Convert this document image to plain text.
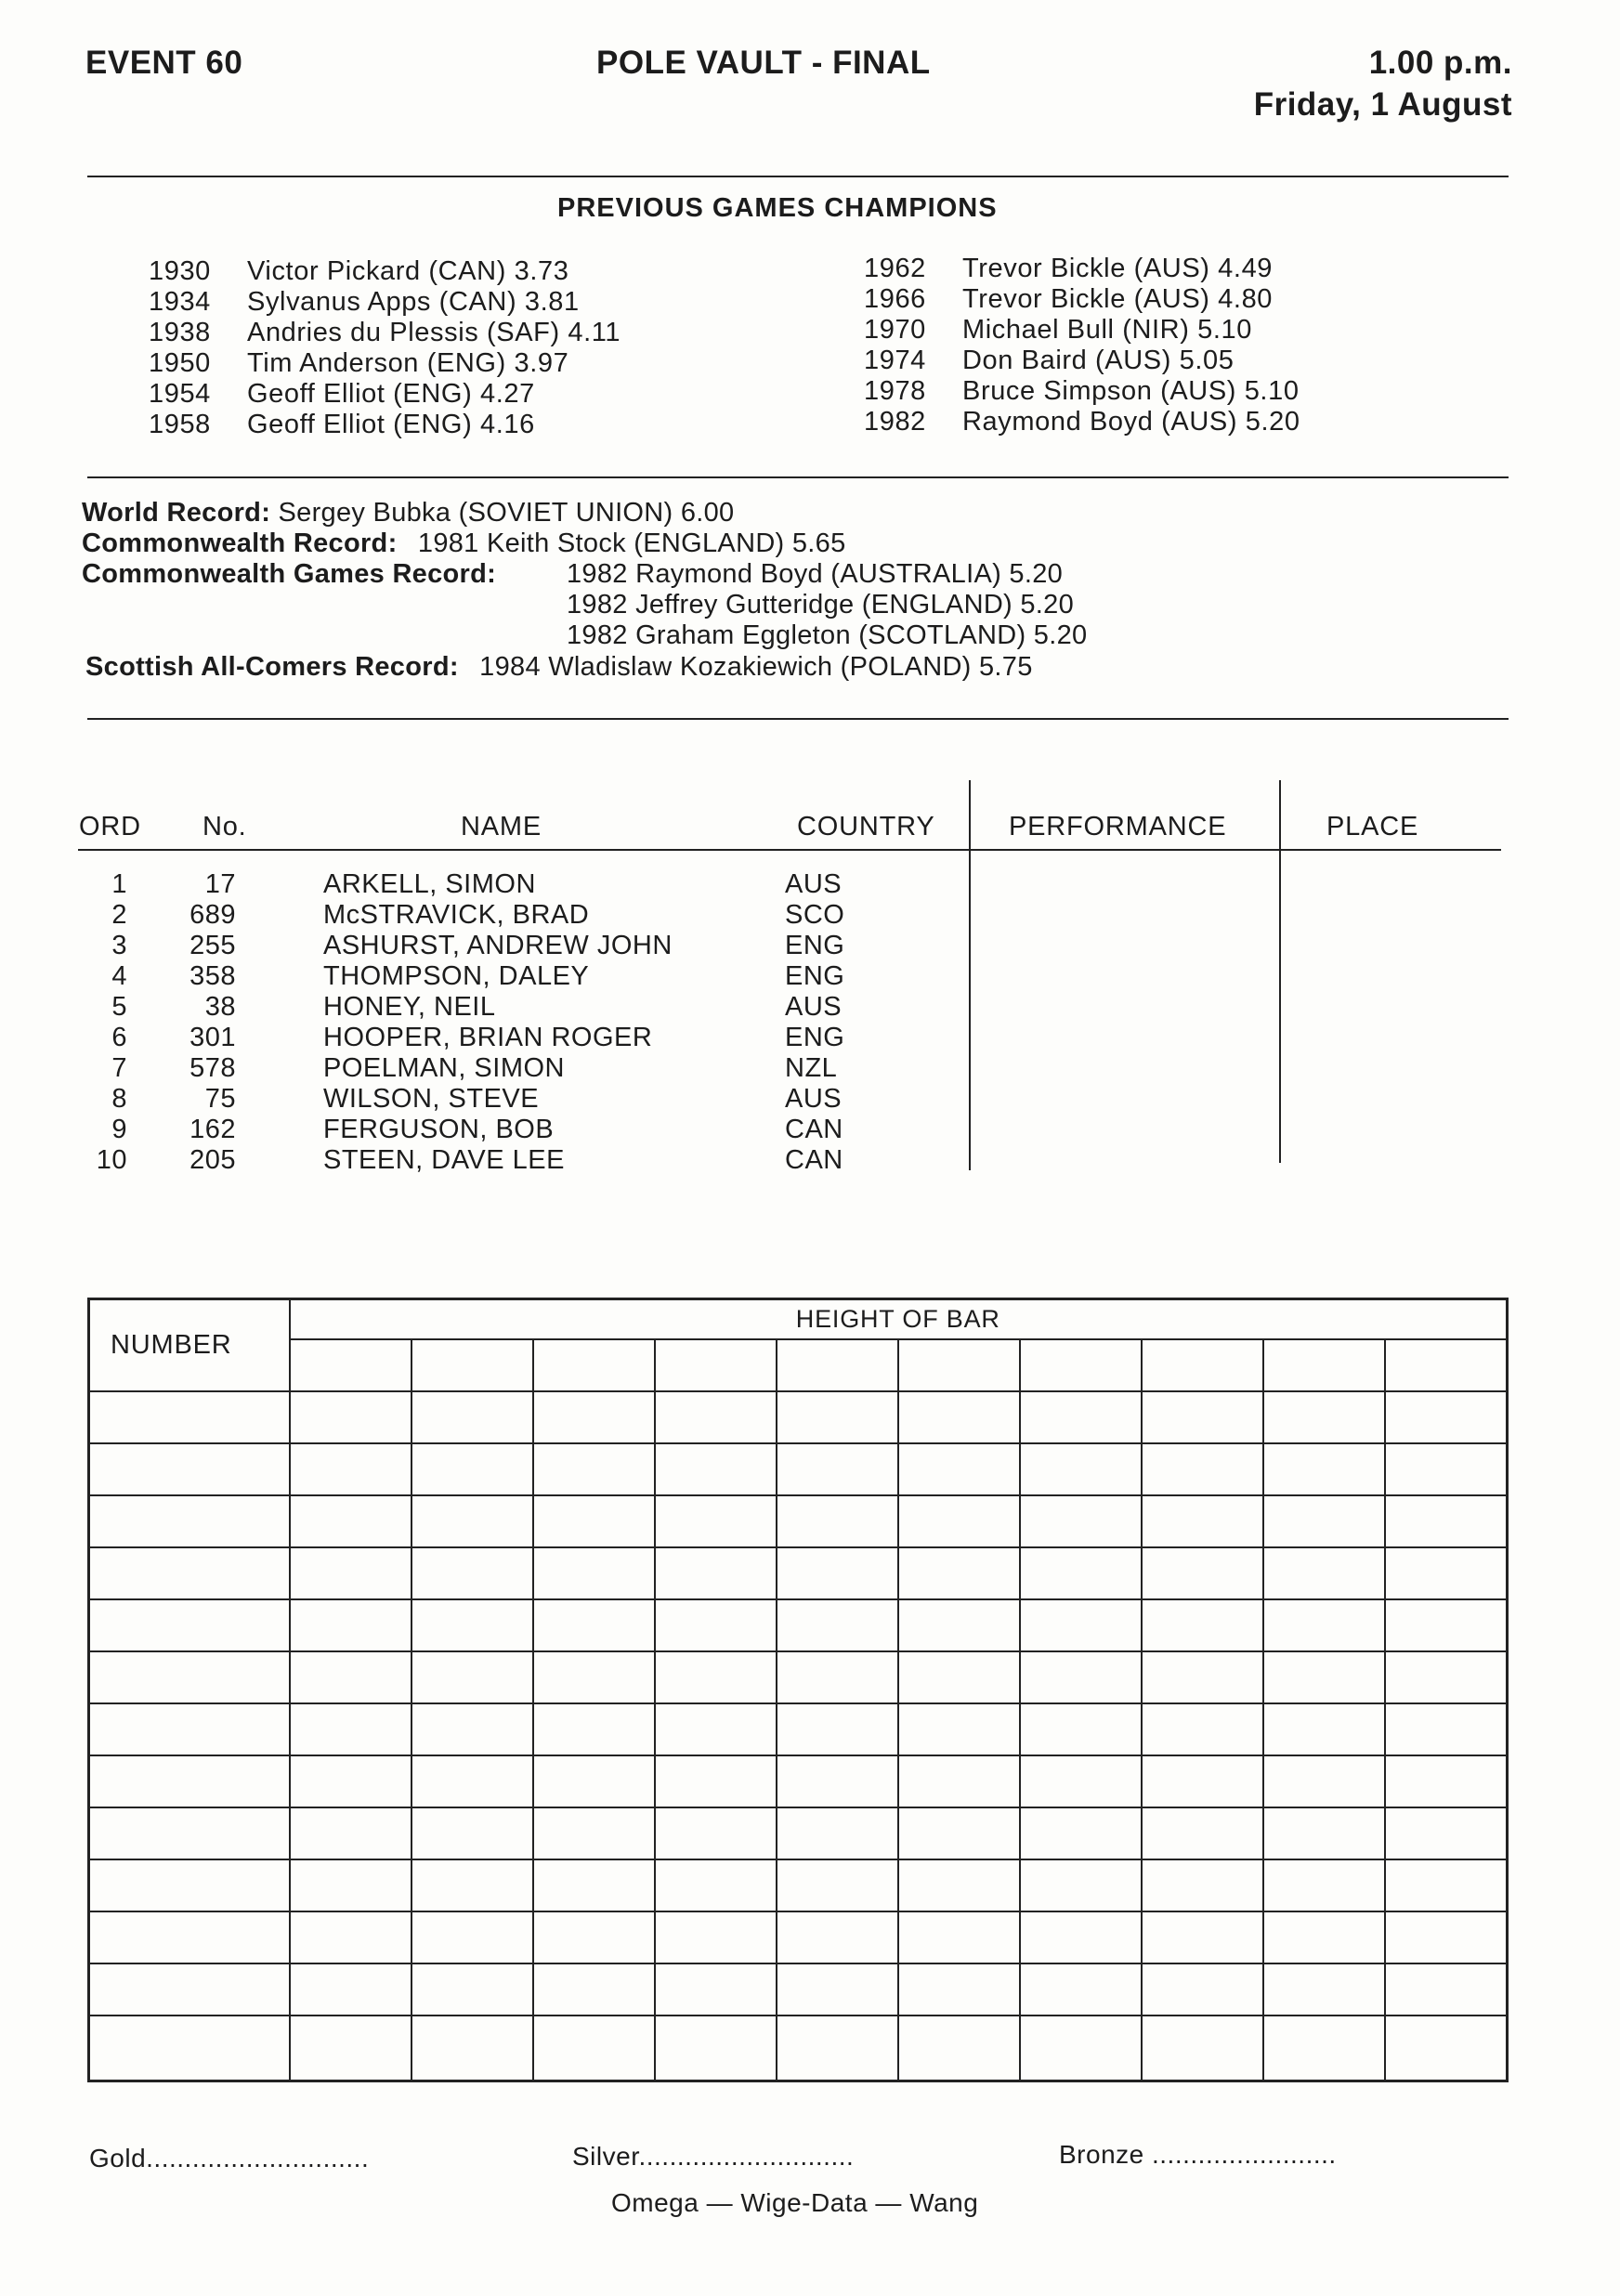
EVENT 60	POLE VAULT - FINAL	1.00 p.m.
Friday, 1 August
PREVIOUS GAMES CHAMPIONS
1930 Victor Pickard (CAN) 3.73
1934 Sylvanus Apps (CAN) 3.81
1938 Andries du Plessis (SAF) 4.11
1950 Tim Anderson (ENG) 3.97
1954 Geoff Elliot (ENG) 4.27
1958 Geoff Elliot (ENG) 4.16
1962 Trevor Bickle (AUS) 4.49
1966 Trevor Bickle (AUS) 4.80
1970 Michael Bull (NIR) 5.10
1974 Don Baird (AUS) 5.05
1978 Bruce Simpson (AUS) 5.10
1982 Raymond Boyd (AUS) 5.20
World Record: Sergey Bubka (SOVIET UNION) 6.00
Commonwealth Record: 1981 Keith Stock (ENGLAND) 5.65
Commonwealth Games Record:	1982 Raymond Boyd (AUSTRALIA) 5.20
1982 Jeffrey Gutteridge (ENGLAND) 5.20
1982 Graham Eggleton (SCOTLAND) 5.20
Scottish All-Comers Record: 1984 Wladislaw Kozakiewich (POLAND) 5.75
ORD No.	NAME	COUNTRY	PERFORMANCE	PLACE
1	17	ARKELL, SIMON	AUS
2 689	McSTRAVICK, BRAD	SCO
3 255	ASHURST, ANDREW JOHN	ENG
4 358	THOMPSON, DALEY	ENG
5	38	HONEY, NEIL	AUS
6 301	HOOPER, BRIAN ROGER	ENG
7 578	POELMAN, SIMON	NZL
8	75	WILSON, STEVE	AUS
9 162	FERGUSON, BOB	CAN
10 205	STEEN, DAVE LEE	CAN
NUMBER	HEIGHT OF BAR									

Gold.............................	Silver............................	Bronze ........................
Omega — Wige-Data — Wang
